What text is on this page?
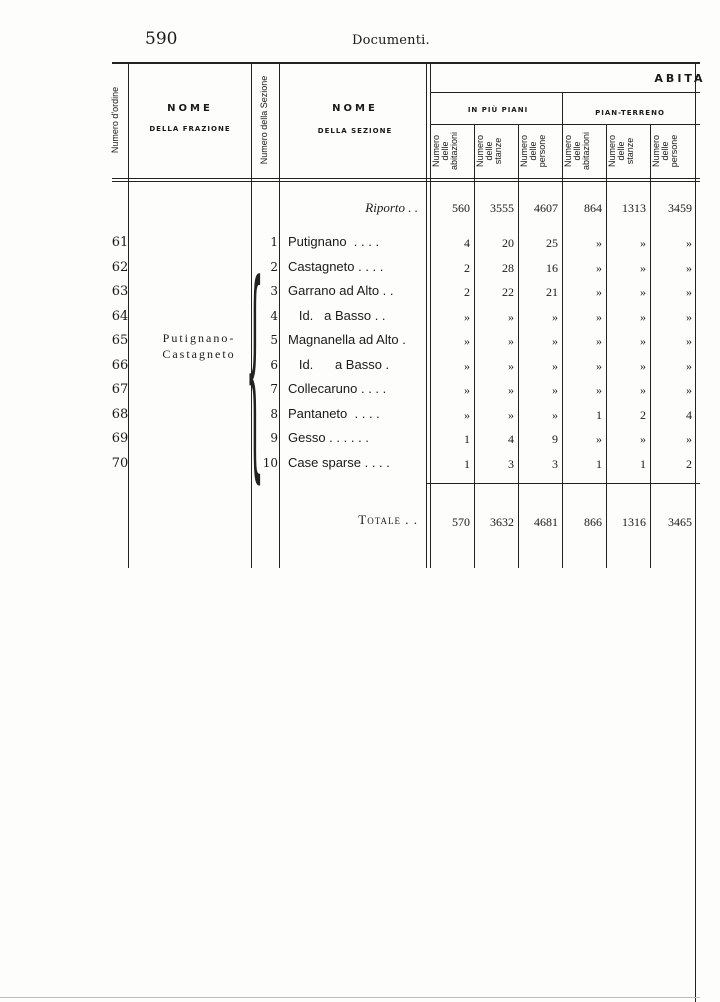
590	Documenti.
Numero d'ordine	NOME
DELLA FRAZIONE	Numero della Sezione	NOME
DELLA SEZIONE
ABITA
IN PIÙ PIANI	PIAN-TERRENO
Numero
delle
abitazioni	Numero
delle
stanze	Numero
delle
persone	Numero
delle
abitazioni	Numero
delle
stanze	Numero
delle
persone
Putignano-
Castagneto {
Riporto . .	560	3555	4607	864	1313	3459
61	1 Putignano  . . . .	4	20	25	»	»	»
62	2 Castagneto . . . .	2	28	16	»	»	»
63	3 Garrano ad Alto . .	2	22	21	»	»	»
64	4 Id.   a Basso . .	»	»	»	»	»	»
65	5 Magnanella ad Alto .	»	»	»	»	»	»
66	6 Id.      a Basso .	»	»	»	»	»	»
67	7 Collecaruno . . . .	»	»	»	»	»	»
68	8 Pantaneto  . . . .	»	»	»	1	2	4
69	9 Gesso . . . . . .	1	4	9	»	»	»
70	10 Case sparse . . . .	1	3	3	1	1	2
Totale . .	570	3632	4681	866	1316	3465
